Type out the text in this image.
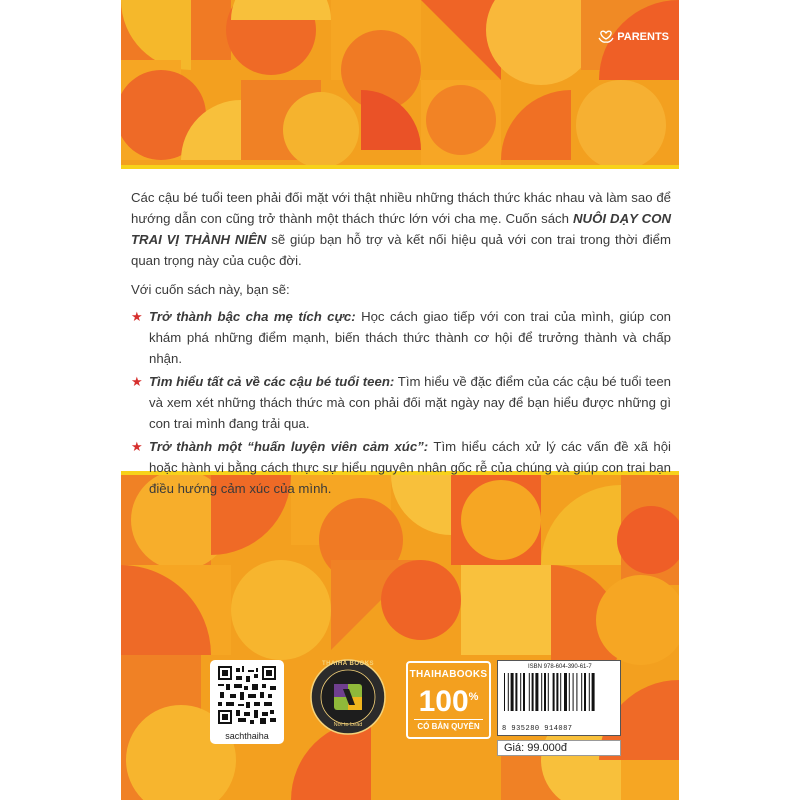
PARENTS

Các cậu bé tuổi teen phải đối mặt với thật nhiều những thách thức khác nhau và làm sao để hướng dẫn con cũng trở thành một thách thức lớn với cha mẹ. Cuốn sách NUÔI DẠY CON TRAI VỊ THÀNH NIÊN sẽ giúp bạn hỗ trợ và kết nối hiệu quả với con trai trong thời điểm quan trọng này của cuộc đời.

Với cuốn sách này, bạn sẽ:

★ Trở thành bậc cha mẹ tích cực: Học cách giao tiếp với con trai của mình, giúp con khám phá những điểm mạnh, biến thách thức thành cơ hội để trưởng thành và chấp nhận.

★ Tìm hiểu tất cả về các cậu bé tuổi teen: Tìm hiểu về đặc điểm của các cậu bé tuổi teen và xem xét những thách thức mà con phải đối mặt ngày nay để bạn hiểu được những gì con trai mình đang trải qua.

★ Trở thành một “huấn luyện viên cảm xúc”: Tìm hiểu cách xử lý các vấn đề xã hội hoặc hành vi bằng cách thực sự hiểu nguyên nhân gốc rễ của chúng và giúp con trai bạn điều hướng cảm xúc của mình.

sachthaiha
THAIHA BOOKS
Nơi to Lead
THAIHABOOKS
100%
CÓ BẢN QUYỀN
ISBN 978-604-390-61-7
8 935280 914087
Giá: 99.000đ
